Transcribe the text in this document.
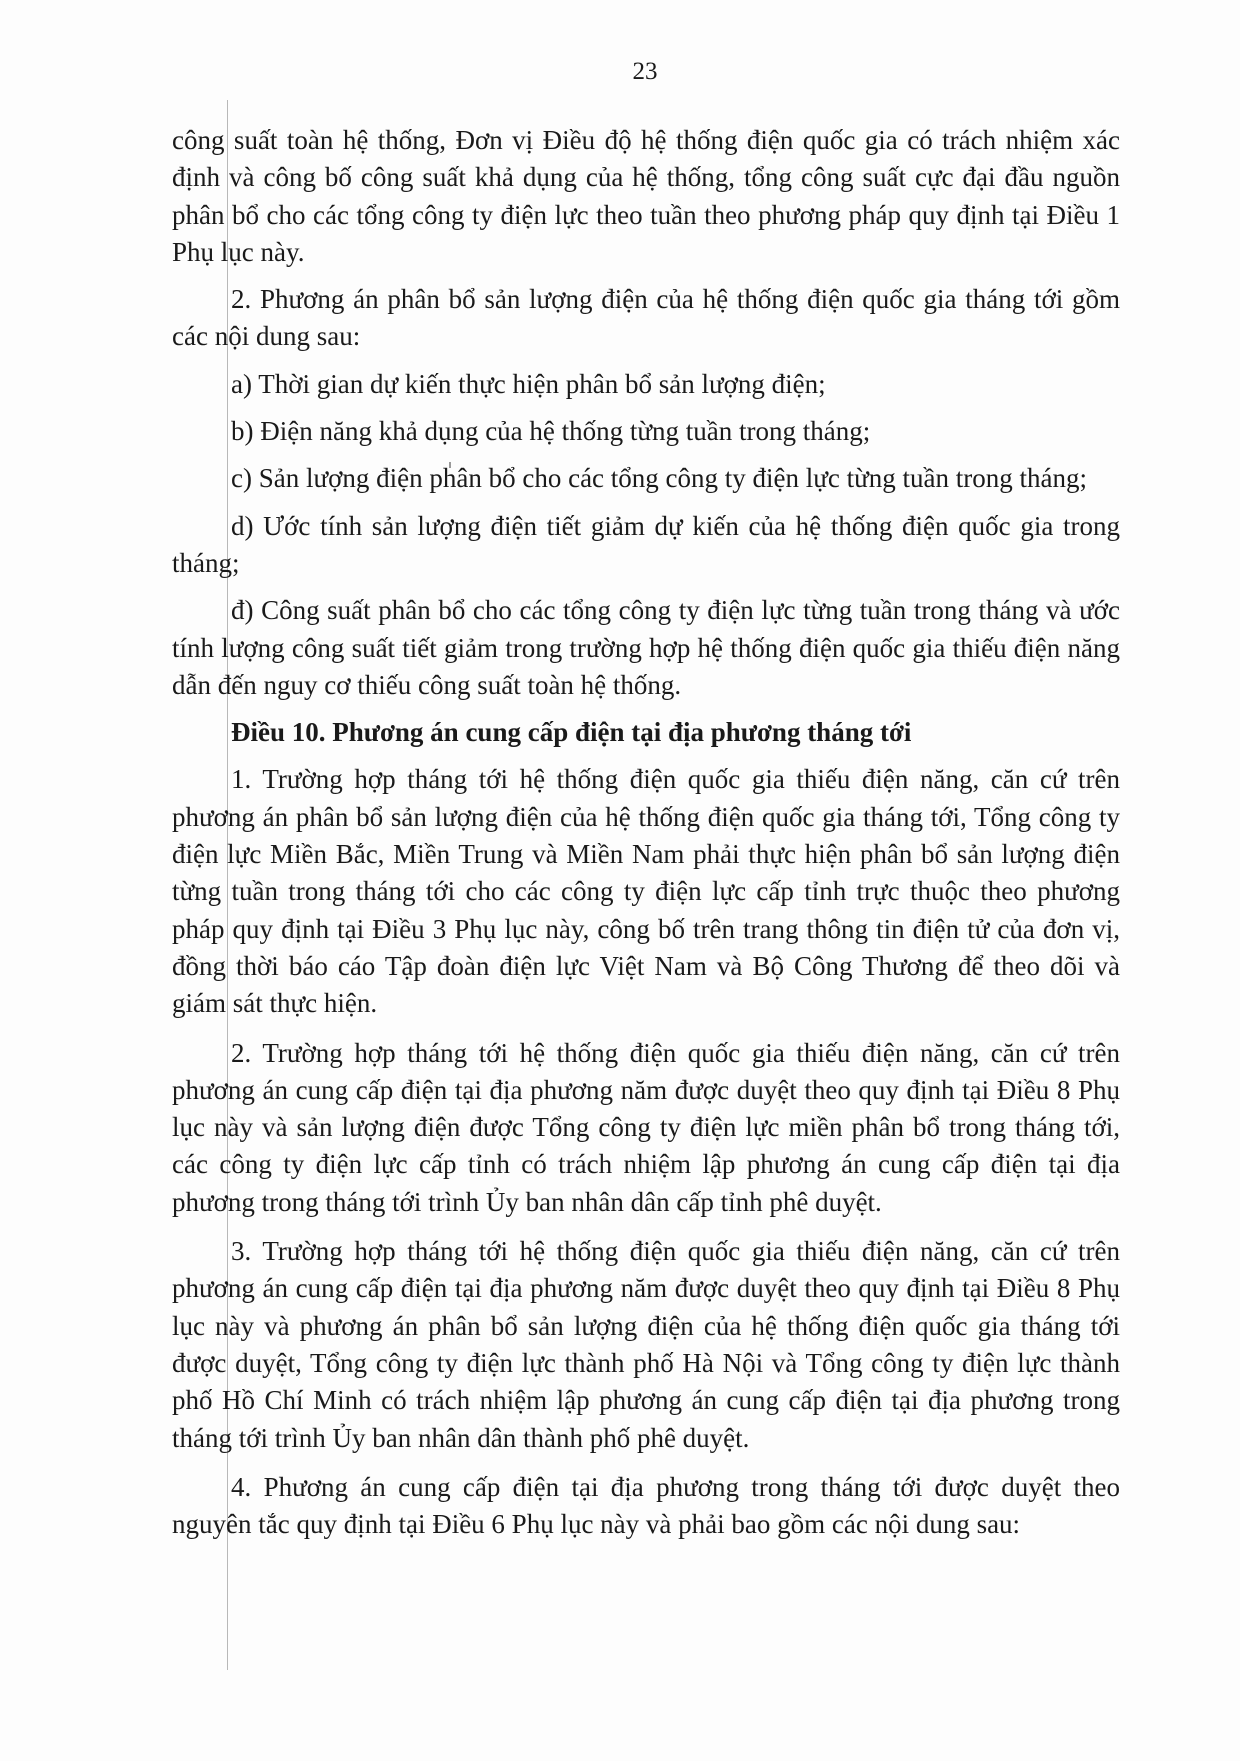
23

công suất toàn hệ thống, Đơn vị Điều độ hệ thống điện quốc gia có trách nhiệm xác định và công bố công suất khả dụng của hệ thống, tổng công suất cực đại đầu nguồn phân bổ cho các tổng công ty điện lực theo tuần theo phương pháp quy định tại Điều 1 Phụ lục này.

2. Phương án phân bổ sản lượng điện của hệ thống điện quốc gia tháng tới gồm các nội dung sau:

a) Thời gian dự kiến thực hiện phân bổ sản lượng điện;

b) Điện năng khả dụng của hệ thống từng tuần trong tháng;

c) Sản lượng điện phân bổ cho các tổng công ty điện lực từng tuần trong tháng;

d) Ước tính sản lượng điện tiết giảm dự kiến của hệ thống điện quốc gia trong tháng;

đ) Công suất phân bổ cho các tổng công ty điện lực từng tuần trong tháng và ước tính lượng công suất tiết giảm trong trường hợp hệ thống điện quốc gia thiếu điện năng dẫn đến nguy cơ thiếu công suất toàn hệ thống.

Điều 10. Phương án cung cấp điện tại địa phương tháng tới

1. Trường hợp tháng tới hệ thống điện quốc gia thiếu điện năng, căn cứ trên phương án phân bổ sản lượng điện của hệ thống điện quốc gia tháng tới, Tổng công ty điện lực Miền Bắc, Miền Trung và Miền Nam phải thực hiện phân bổ sản lượng điện từng tuần trong tháng tới cho các công ty điện lực cấp tỉnh trực thuộc theo phương pháp quy định tại Điều 3 Phụ lục này, công bố trên trang thông tin điện tử của đơn vị, đồng thời báo cáo Tập đoàn điện lực Việt Nam và Bộ Công Thương để theo dõi và giám sát thực hiện.

2. Trường hợp tháng tới hệ thống điện quốc gia thiếu điện năng, căn cứ trên phương án cung cấp điện tại địa phương năm được duyệt theo quy định tại Điều 8 Phụ lục này và sản lượng điện được Tổng công ty điện lực miền phân bổ trong tháng tới, các công ty điện lực cấp tỉnh có trách nhiệm lập phương án cung cấp điện tại địa phương trong tháng tới trình Ủy ban nhân dân cấp tỉnh phê duyệt.

3. Trường hợp tháng tới hệ thống điện quốc gia thiếu điện năng, căn cứ trên phương án cung cấp điện tại địa phương năm được duyệt theo quy định tại Điều 8 Phụ lục này và phương án phân bổ sản lượng điện của hệ thống điện quốc gia tháng tới được duyệt, Tổng công ty điện lực thành phố Hà Nội và Tổng công ty điện lực thành phố Hồ Chí Minh có trách nhiệm lập phương án cung cấp điện tại địa phương trong tháng tới trình Ủy ban nhân dân thành phố phê duyệt.

4. Phương án cung cấp điện tại địa phương trong tháng tới được duyệt theo nguyên tắc quy định tại Điều 6 Phụ lục này và phải bao gồm các nội dung sau:
